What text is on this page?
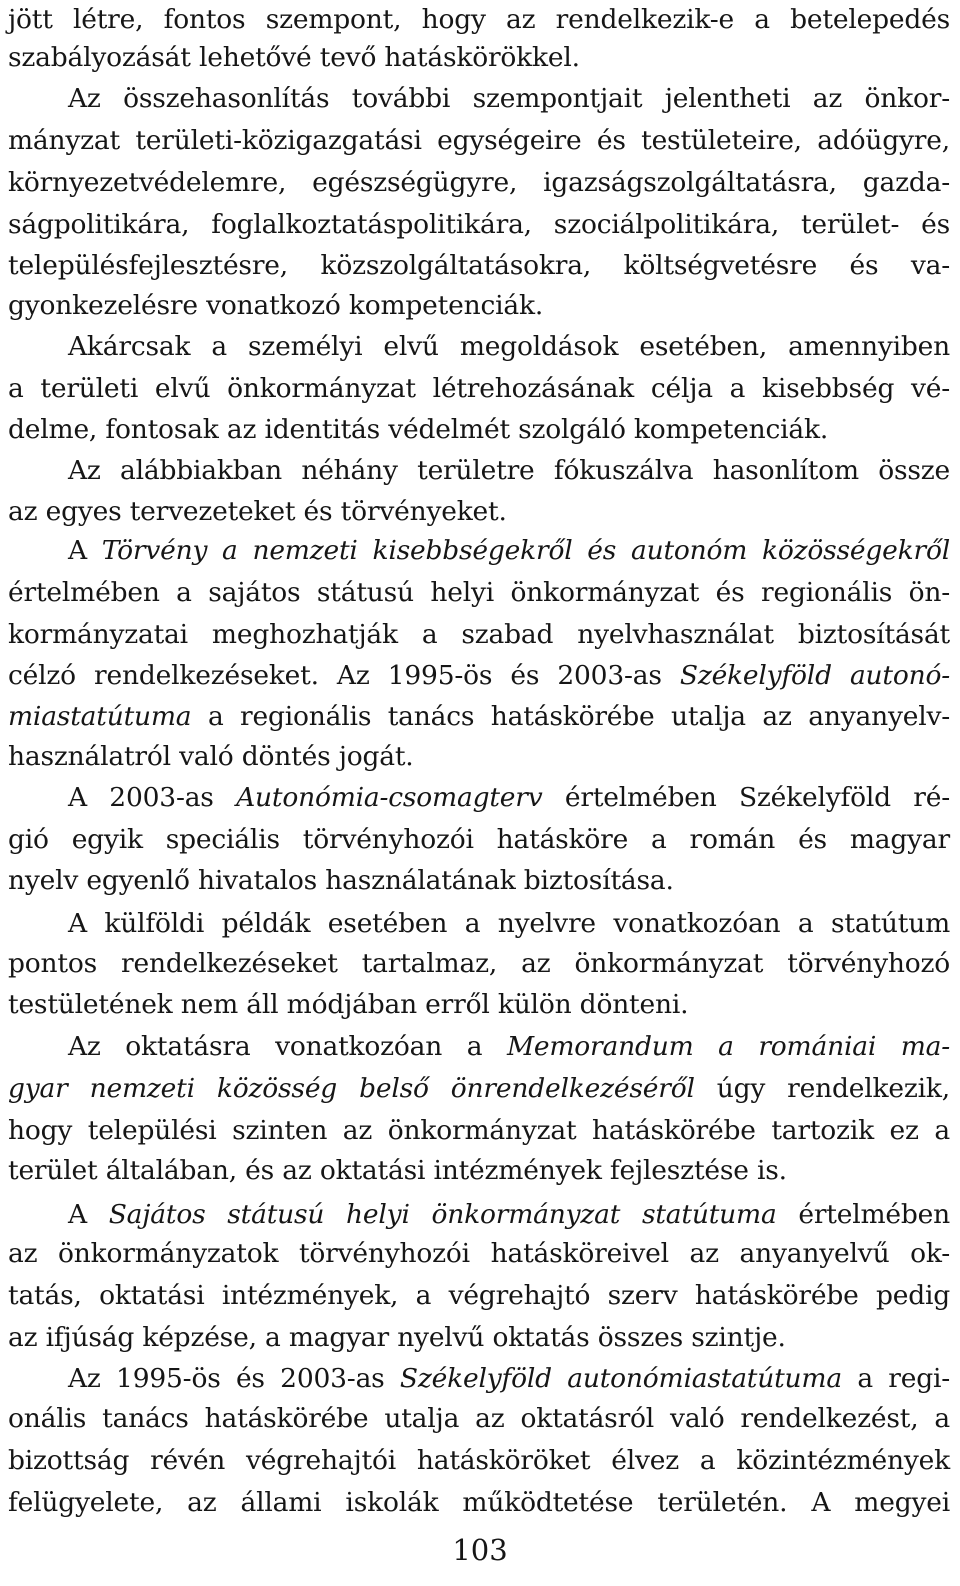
jött létre, fontos szempont, hogy az rendelkezik-e a betelepedés
szabályozását lehetővé tevő hatáskörökkel.
Az összehasonlítás további szempontjait jelentheti az önkor-
mányzat területi-közigazgatási egységeire és testületeire, adóügyre,
környezetvédelemre, egészségügyre, igazságszolgáltatásra, gazda-
ságpolitikára, foglalkoztatáspolitikára, szociálpolitikára, terület- és
településfejlesztésre, közszolgáltatásokra, költségvetésre és va-
gyonkezelésre vonatkozó kompetenciák.
Akárcsak a személyi elvű megoldások esetében, amennyiben
a területi elvű önkormányzat létrehozásának célja a kisebbség vé-
delme, fontosak az identitás védelmét szolgáló kompetenciák.
Az alábbiakban néhány területre fókuszálva hasonlítom össze
az egyes tervezeteket és törvényeket.
A Törvény a nemzeti kisebbségekről és autonóm közösségekről
értelmében a sajátos státusú helyi önkormányzat és regionális ön-
kormányzatai meghozhatják a szabad nyelvhasználat biztosítását
célzó rendelkezéseket. Az 1995-ös és 2003-as Székelyföld autonó-
miastatútuma a regionális tanács hatáskörébe utalja az anyanyelv-
használatról való döntés jogát.
A 2003-as Autonómia-csomagterv értelmében Székelyföld ré-
gió egyik speciális törvényhozói hatásköre a román és magyar
nyelv egyenlő hivatalos használatának biztosítása.
A külföldi példák esetében a nyelvre vonatkozóan a statútum
pontos rendelkezéseket tartalmaz, az önkormányzat törvényhozó
testületének nem áll módjában erről külön dönteni.
Az oktatásra vonatkozóan a Memorandum a romániai ma-
gyar nemzeti közösség belső önrendelkezéséről úgy rendelkezik,
hogy települési szinten az önkormányzat hatáskörébe tartozik ez a
terület általában, és az oktatási intézmények fejlesztése is.
A Sajátos státusú helyi önkormányzat statútuma értelmében
az önkormányzatok törvényhozói hatásköreivel az anyanyelvű ok-
tatás, oktatási intézmények, a végrehajtó szerv hatáskörébe pedig
az ifjúság képzése, a magyar nyelvű oktatás összes szintje.
Az 1995-ös és 2003-as Székelyföld autonómiastatútuma a regi-
onális tanács hatáskörébe utalja az oktatásról való rendelkezést, a
bizottság révén végrehajtói hatásköröket élvez a közintézmények
felügyelete, az állami iskolák működtetése területén. A megyei
103
